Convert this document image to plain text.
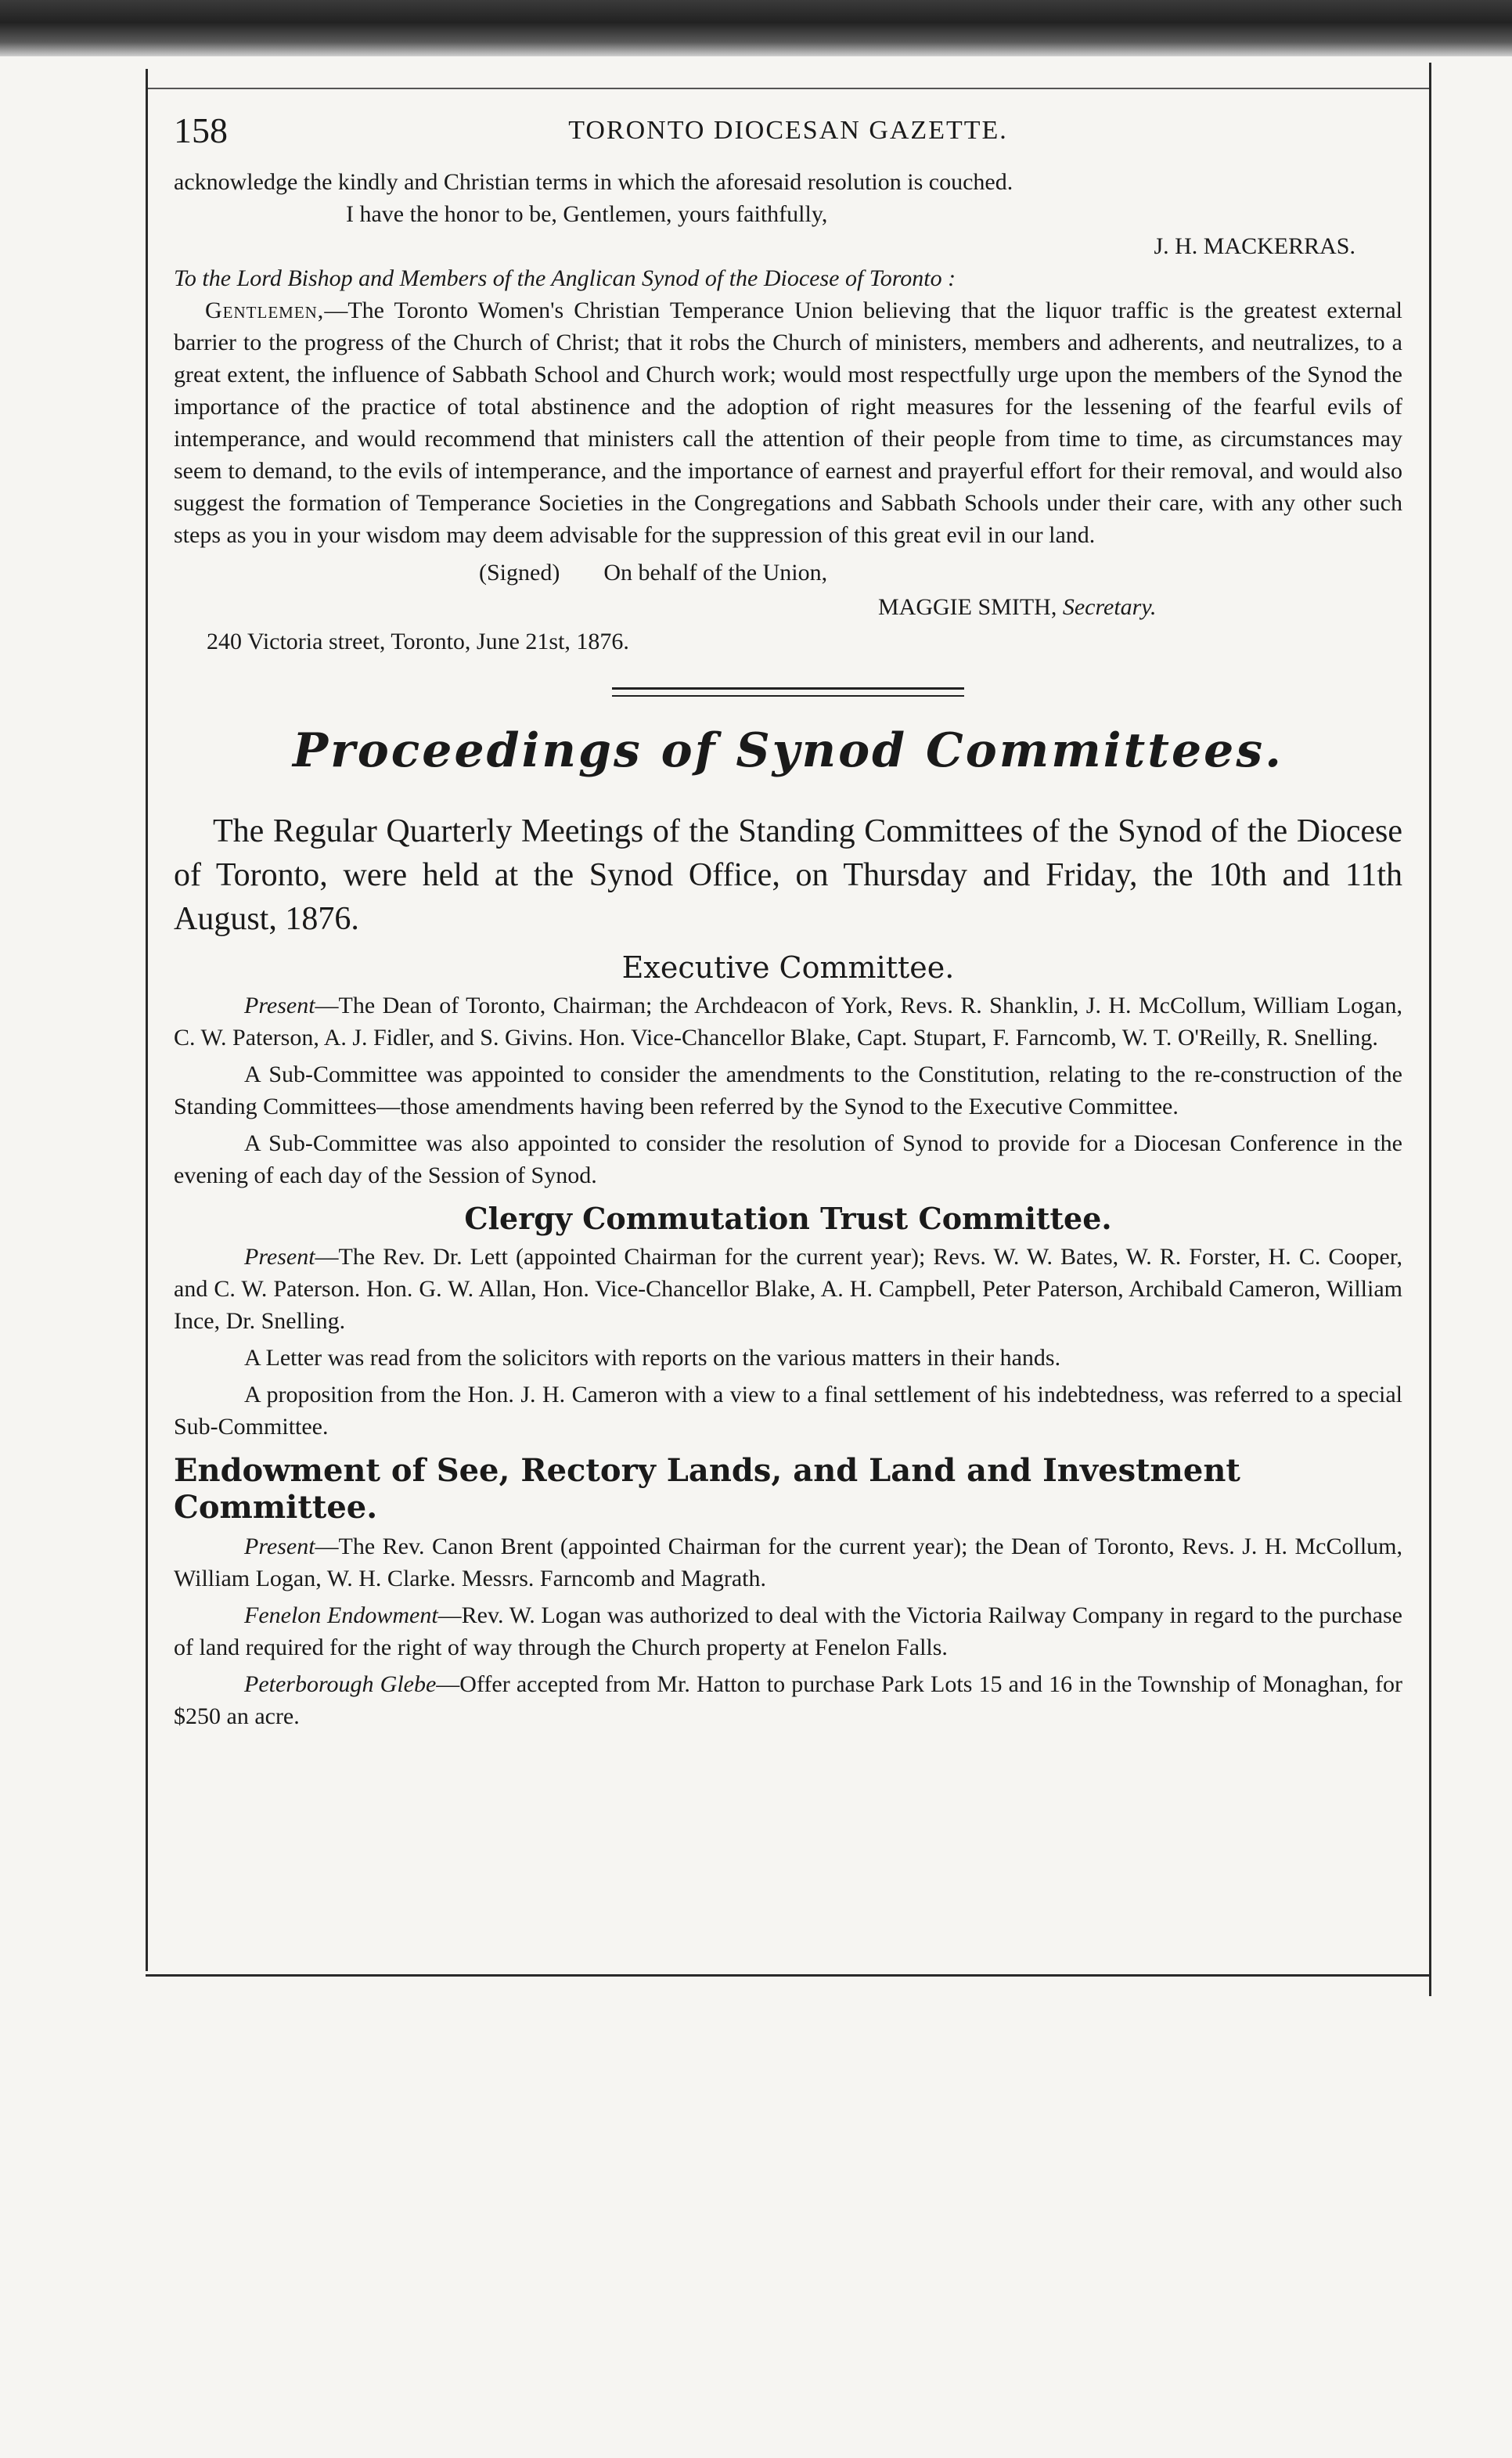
158	TORONTO DIOCESAN GAZETTE.

acknowledge the kindly and Christian terms in which the aforesaid resolution is couched.

I have the honor to be, Gentlemen, yours faithfully,

J. H. MACKERRAS.

To the Lord Bishop and Members of the Anglican Synod of the Diocese of Toronto :

Gentlemen,—The Toronto Women's Christian Temperance Union believing that the liquor traffic is the greatest external barrier to the progress of the Church of Christ; that it robs the Church of ministers, members and adherents, and neutralizes, to a great extent, the influence of Sabbath School and Church work; would most respectfully urge upon the members of the Synod the importance of the practice of total abstinence and the adoption of right measures for the lessening of the fearful evils of intemperance, and would recommend that ministers call the attention of their people from time to time, as circumstances may seem to demand, to the evils of intemperance, and the importance of earnest and prayerful effort for their removal, and would also suggest the formation of Temperance Societies in the Congregations and Sabbath Schools under their care, with any other such steps as you in your wisdom may deem advisable for the suppression of this great evil in our land.

(Signed) On behalf of the Union,
MAGGIE SMITH, Secretary.
240 Victoria street, Toronto, June 21st, 1876.
Proceedings of Synod Committees.

The Regular Quarterly Meetings of the Standing Committees of the Synod of the Diocese of Toronto, were held at the Synod Office, on Thursday and Friday, the 10th and 11th August, 1876.

Executive Committee.

Present—The Dean of Toronto, Chairman; the Archdeacon of York, Revs. R. Shanklin, J. H. McCollum, William Logan, C. W. Paterson, A. J. Fidler, and S. Givins. Hon. Vice-Chancellor Blake, Capt. Stupart, F. Farncomb, W. T. O'Reilly, R. Snelling.

A Sub-Committee was appointed to consider the amendments to the Constitution, relating to the re-construction of the Standing Committees—those amendments having been referred by the Synod to the Executive Committee.

A Sub-Committee was also appointed to consider the resolution of Synod to provide for a Diocesan Conference in the evening of each day of the Session of Synod.

Clergy Commutation Trust Committee.

Present—The Rev. Dr. Lett (appointed Chairman for the current year); Revs. W. W. Bates, W. R. Forster, H. C. Cooper, and C. W. Paterson. Hon. G. W. Allan, Hon. Vice-Chancellor Blake, A. H. Campbell, Peter Paterson, Archibald Cameron, William Ince, Dr. Snelling.

A Letter was read from the solicitors with reports on the various matters in their hands.

A proposition from the Hon. J. H. Cameron with a view to a final settlement of his indebtedness, was referred to a special Sub-Committee.

Endowment of See, Rectory Lands, and Land and Investment Committee.

Present—The Rev. Canon Brent (appointed Chairman for the current year); the Dean of Toronto, Revs. J. H. McCollum, William Logan, W. H. Clarke. Messrs. Farncomb and Magrath.

Fenelon Endowment—Rev. W. Logan was authorized to deal with the Victoria Railway Company in regard to the purchase of land required for the right of way through the Church property at Fenelon Falls.

Peterborough Glebe—Offer accepted from Mr. Hatton to purchase Park Lots 15 and 16 in the Township of Monaghan, for $250 an acre.
